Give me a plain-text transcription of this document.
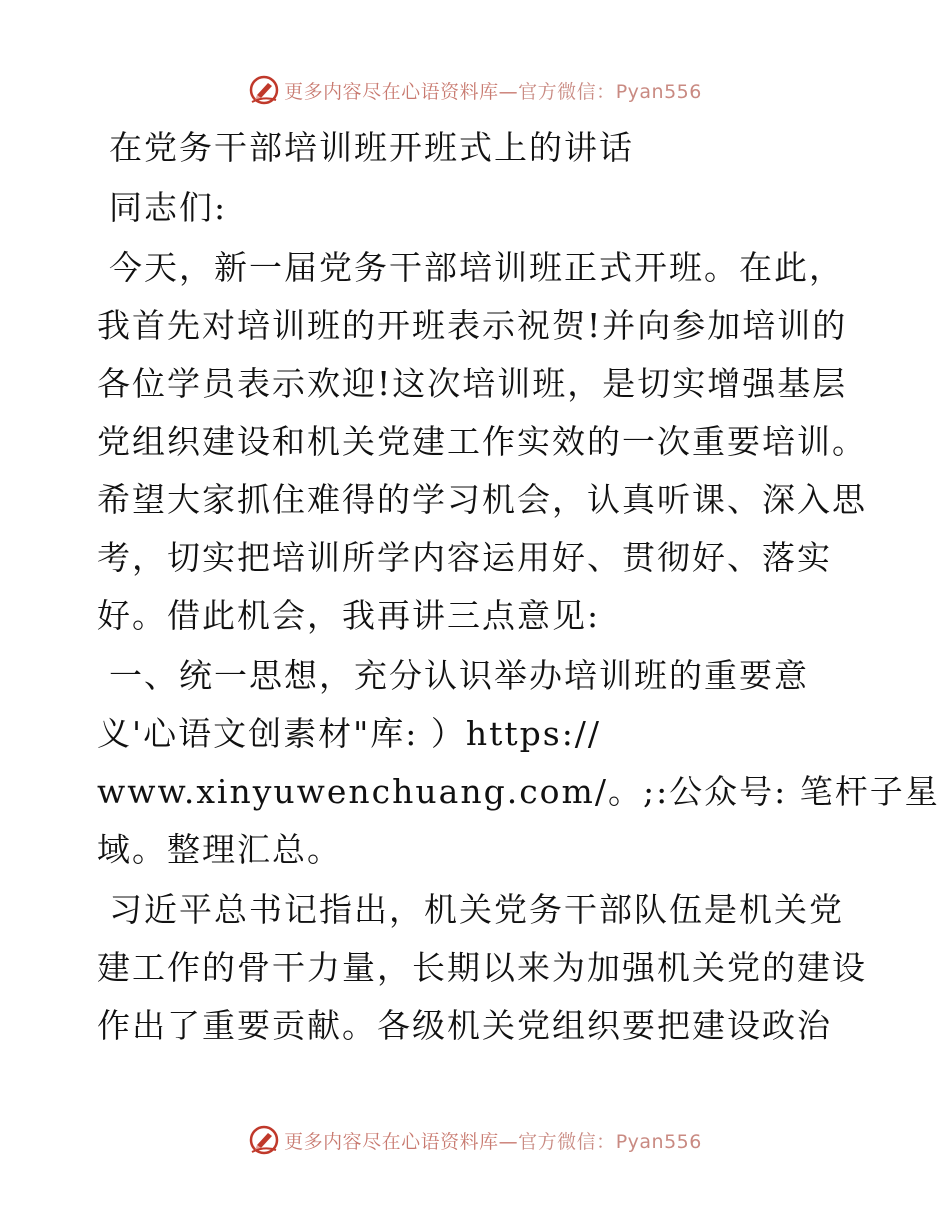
更多内容尽在心语资料库—官方微信：Pyan556
在党务干部培训班开班式上的讲话
同志们:
今天，新一届党务干部培训班正式开班。在此，
我首先对培训班的开班表示祝贺!并向参加培训的
各位学员表示欢迎!这次培训班，是切实增强基层
党组织建设和机关党建工作实效的一次重要培训。
希望大家抓住难得的学习机会，认真听课、深入思
考，切实把培训所学内容运用好、贯彻好、落实
好。借此机会，我再讲三点意见:
一、统一思想，充分认识举办培训班的重要意
义'心语文创素材"库: ）https://
www.xinyuwenchuang.com/。;:公众号: 笔杆子星
域。整理汇总。
习近平总书记指出，机关党务干部队伍是机关党
建工作的骨干力量，长期以来为加强机关党的建设
作出了重要贡献。各级机关党组织要把建设政治
更多内容尽在心语资料库—官方微信：Pyan556
